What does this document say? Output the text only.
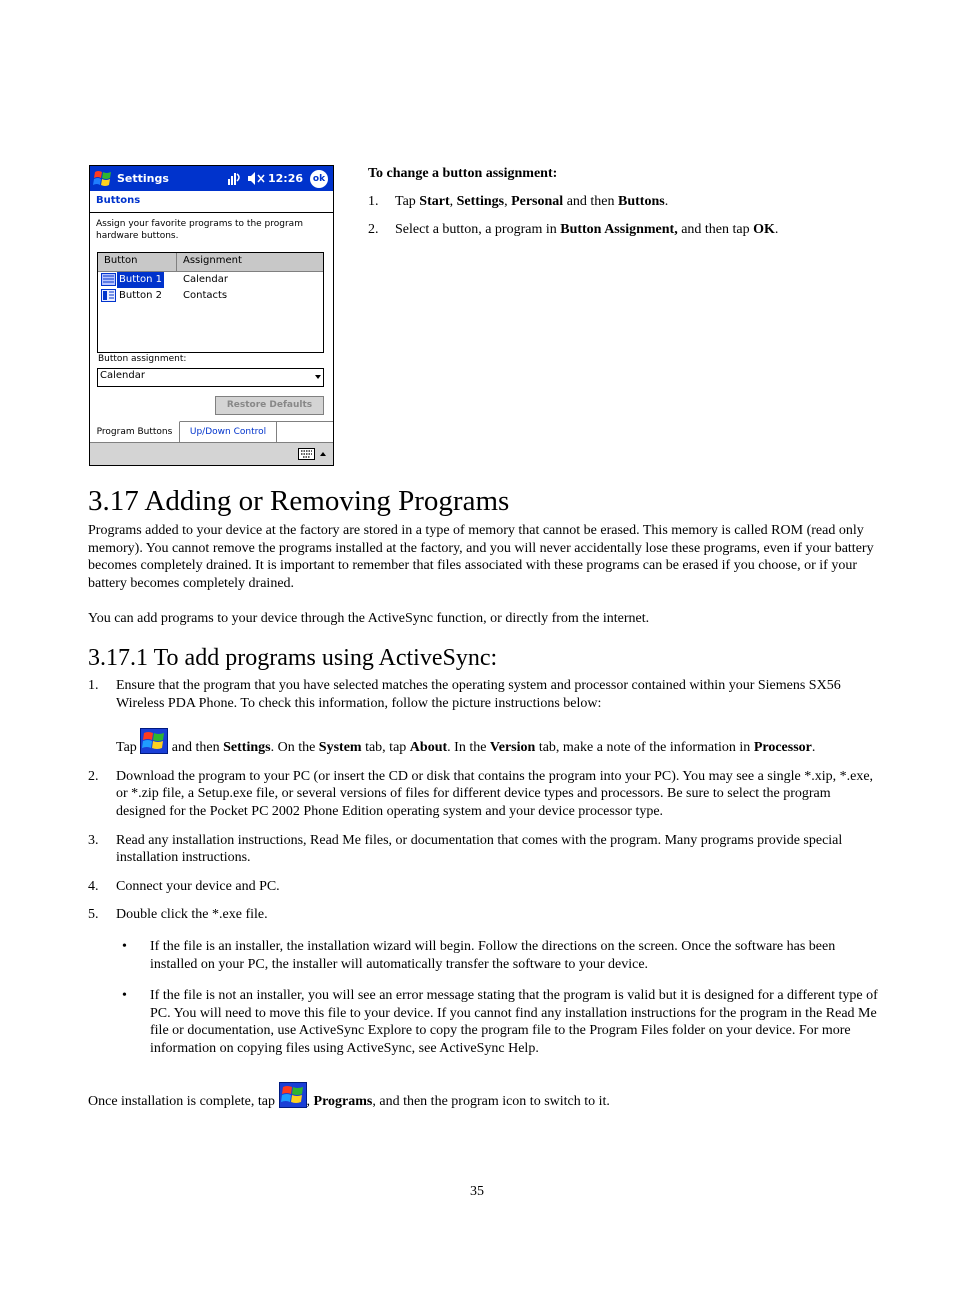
Settings	12:26	ok
Buttons

Assign your favorite programs to the program hardware buttons.

Button	Assignment
Button 1 Calendar
Button 2 Contacts
Button assignment:
Calendar
Restore Defaults
Program Buttons	Up/Down Control

To change a button assignment:

1. Tap Start, Settings, Personal and then Buttons.
2. Select a button, a program in Button Assignment, and then tap OK.
3.17 Adding or Removing Programs

Programs added to your device at the factory are stored in a type of memory that cannot be erased. This memory is called ROM (read only memory). You cannot remove the programs installed at the factory, and you will never accidentally lose these programs, even if your battery becomes completely drained. It is important to remember that files associated with these programs can be erased if you choose, or if your battery becomes completely drained.

You can add programs to your device through the ActiveSync function, or directly from the internet.

3.17.1 To add programs using ActiveSync:
1. Ensure that the program that you have selected matches the operating system and processor contained within your Siemens SX56 Wireless PDA Phone. To check this information, follow the picture instructions below:
Tap  and then Settings. On the System tab, tap About. In the Version tab, make a note of the information in Processor.
2. Download the program to your PC (or insert the CD or disk that contains the program into your PC). You may see a single *.xip, *.exe, or *.zip file, a Setup.exe file, or several versions of files for different device types and processors. Be sure to select the program designed for the Pocket PC 2002 Phone Edition operating system and your device processor type.
3. Read any installation instructions, Read Me files, or documentation that comes with the program. Many programs provide special installation instructions.
4. Connect your device and PC.
5. Double click the *.exe file.
• If the file is an installer, the installation wizard will begin. Follow the directions on the screen. Once the software has been installed on your PC, the installer will automatically transfer the software to your device.
• If the file is not an installer, you will see an error message stating that the program is valid but it is designed for a different type of PC. You will need to move this file to your device. If you cannot find any installation instructions for the program in the Read Me file or documentation, use ActiveSync Explore to copy the program file to the Program Files folder on your device. For more information on copying files using ActiveSync, see ActiveSync Help.

Once installation is complete, tap , Programs, and then the program icon to switch to it.

35
